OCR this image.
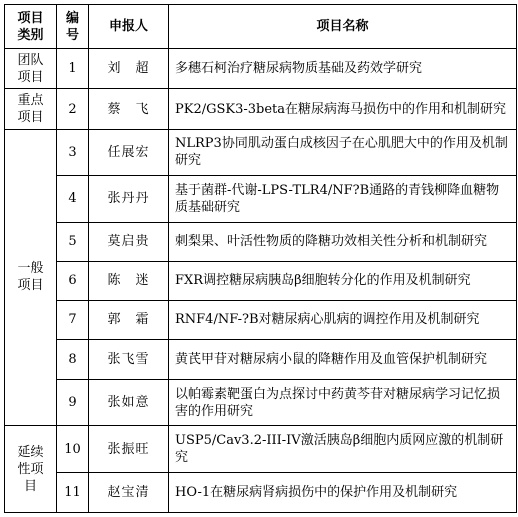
项目类别	编号	申报人	项目名称
团队项目	1	刘　超	多穗石柯治疗糖尿病物质基础及药效学研究
重点项目	2	蔡　飞	PK2/GSK3-3beta在糖尿病海马损伤中的作用和机制研究
一般项目	3	任展宏	NLRP3协同肌动蛋白成核因子在心肌肥大中的作用及机制研究
	4	张丹丹	基于菌群-代谢-LPS-TLR4/NF?B通路的青钱柳降血糖物质基础研究
	5	莫启贵	刺梨果、叶活性物质的降糖功效相关性分析和机制研究
	6	陈　迷	FXR调控糖尿病胰岛β细胞转分化的作用及机制研究
	7	郭　霜	RNF4/NF-?B对糖尿病心肌病的调控作用及机制研究
	8	张飞雪	黄芪甲苷对糖尿病小鼠的降糖作用及血管保护机制研究
	9	张如意	以帕霉素靶蛋白为点探讨中药黄芩苷对糖尿病学习记忆损害的作用研究
延续性项目	10	张振旺	USP5/Cav3.2-III-IV激活胰岛β细胞内质网应激的机制研究
	11	赵宝清	HO-1在糖尿病肾病损伤中的保护作用及机制研究
